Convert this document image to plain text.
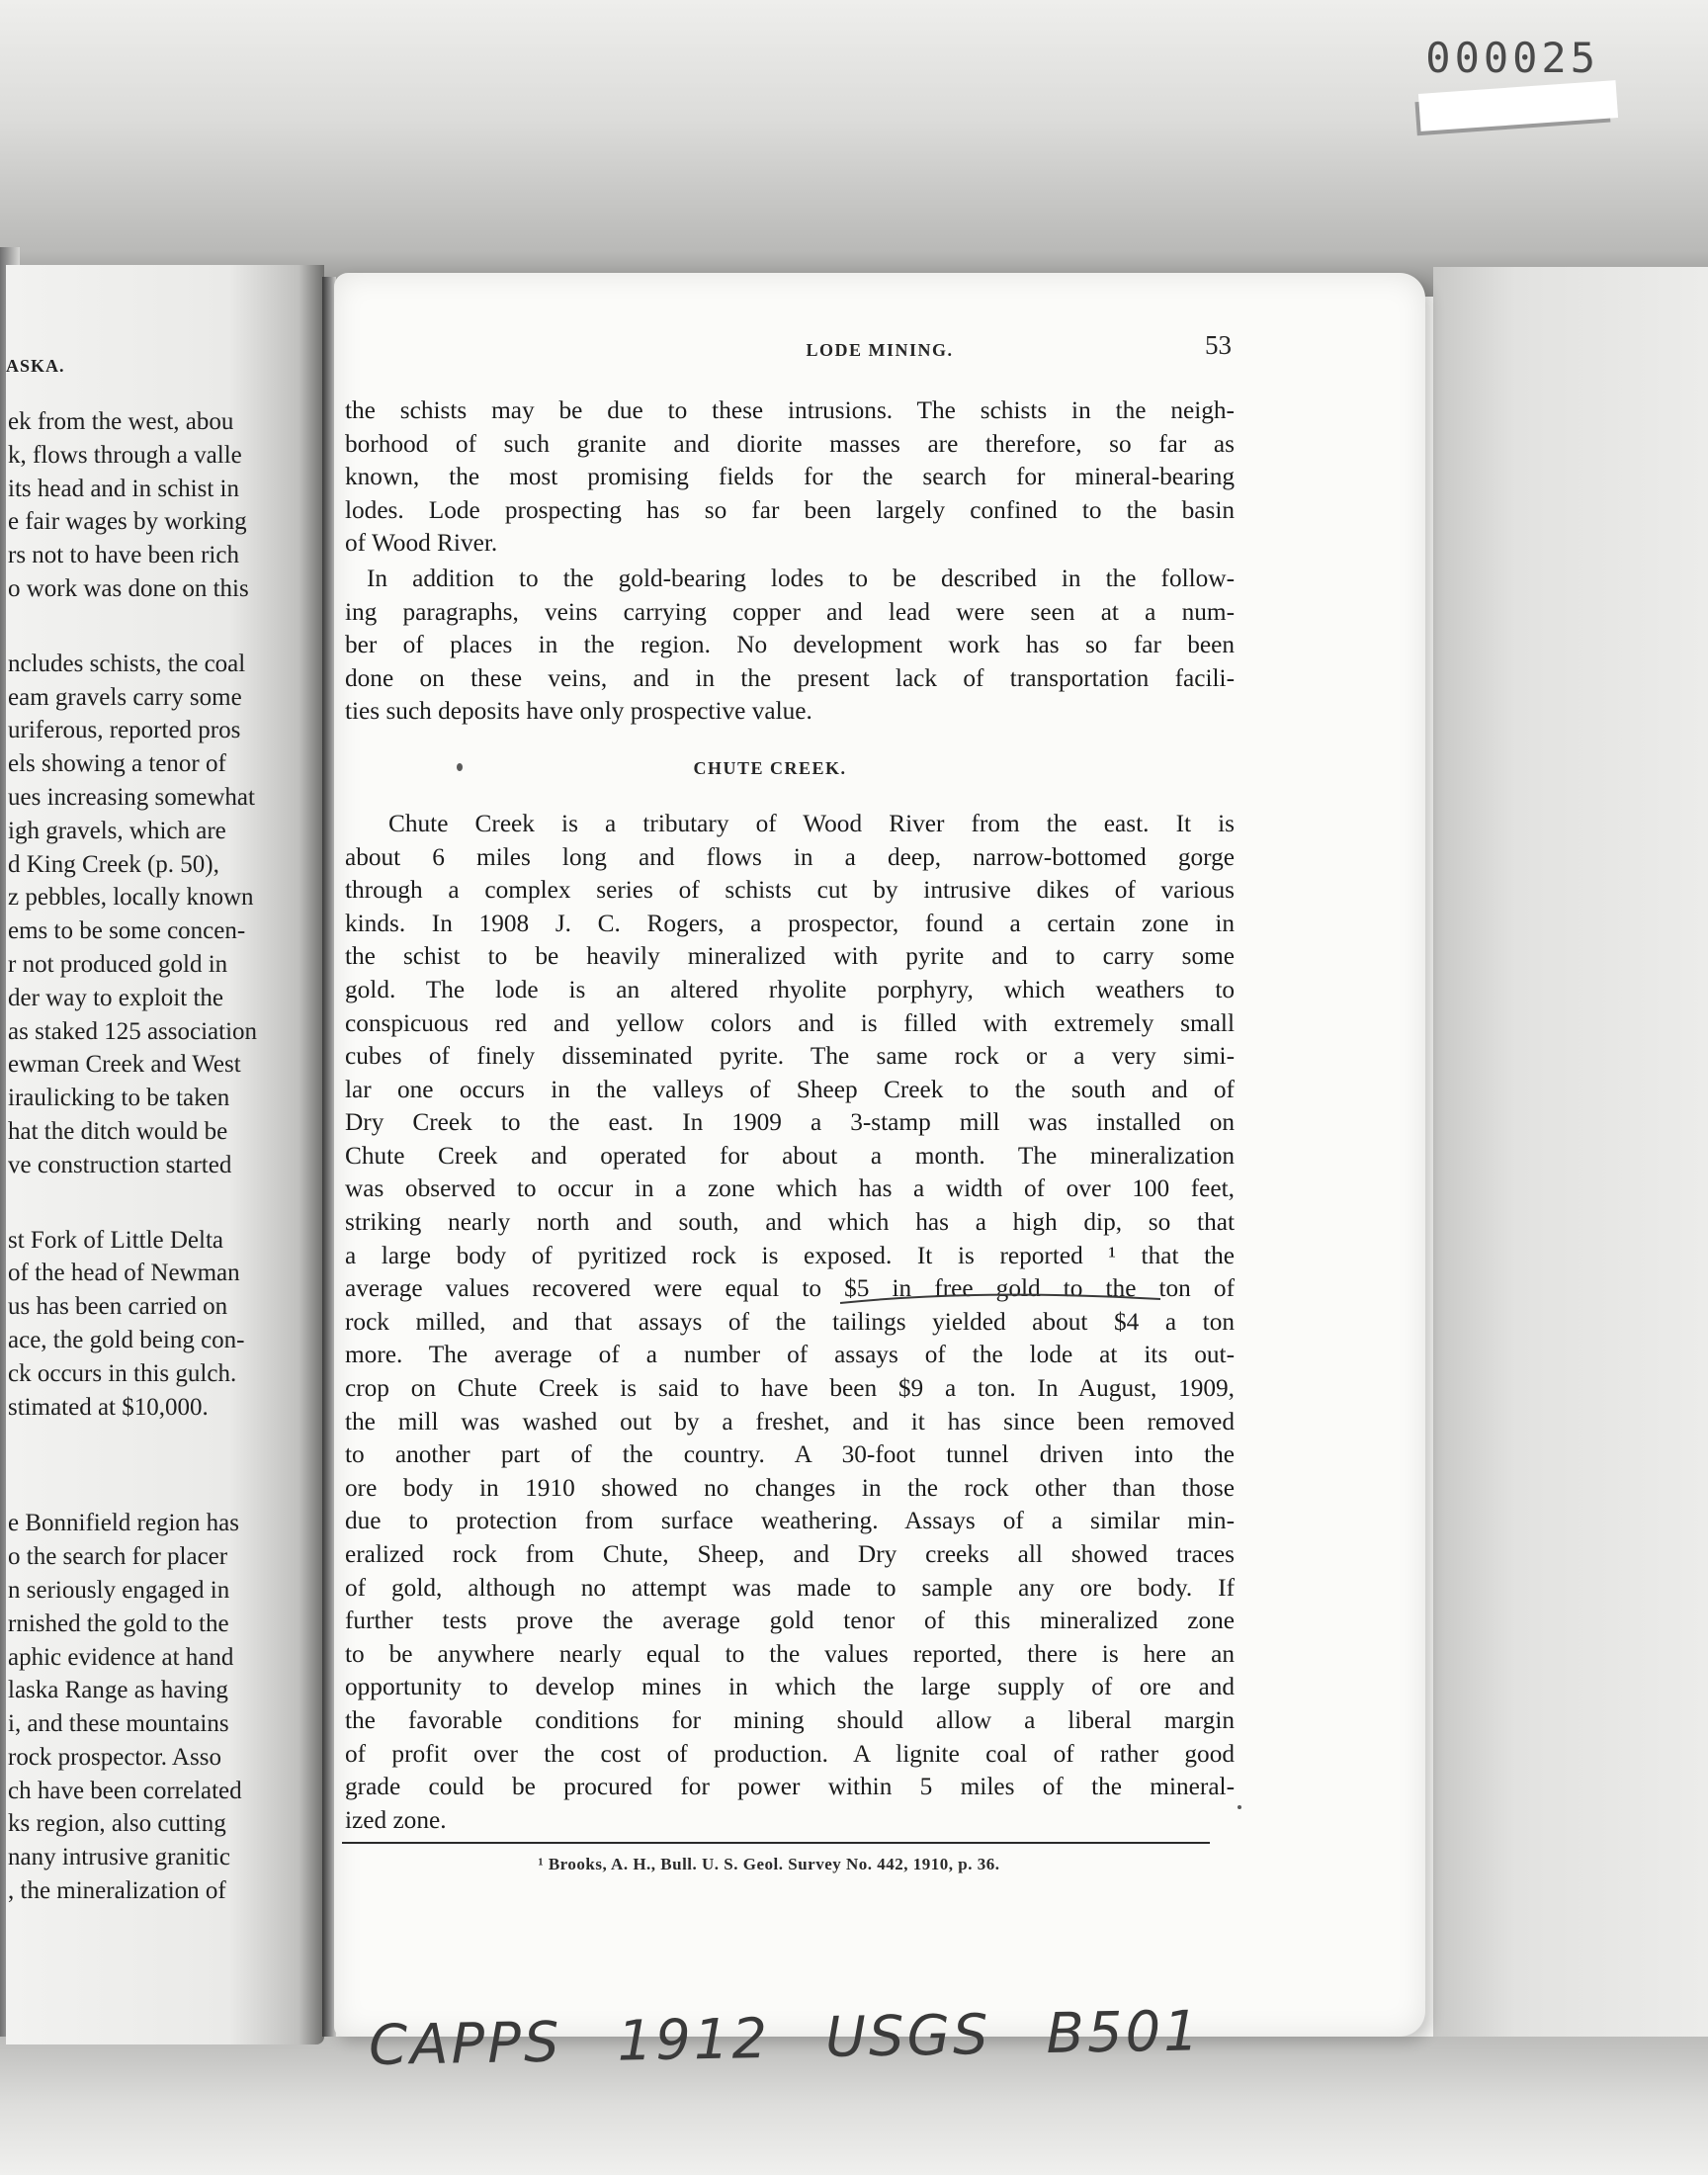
000025
ASKA.
ek from the west, abou
k, flows through a valle
its head and in schist in
e fair wages by working
rs not to have been rich
o work was done on this
ncludes schists, the coal
eam gravels carry some
uriferous, reported pros
els showing a tenor of
ues increasing somewhat
igh gravels, which are
d King Creek (p. 50),
z pebbles, locally known
ems to be some concen-
r not produced gold in
der way to exploit the
as staked 125 association
ewman Creek and West
iraulicking to be taken
hat the ditch would be
ve construction started
st Fork of Little Delta
of the head of Newman
us has been carried on
ace, the gold being con-
ck occurs in this gulch.
stimated at $10,000.
e Bonnifield region has
o the search for placer
n seriously engaged in
rnished the gold to the
aphic evidence at hand
laska Range as having
i, and these mountains
rock prospector. Asso
ch have been correlated
ks region, also cutting
nany intrusive granitic
, the mineralization of
LODE MINING.	53
the schists may be due to these intrusions. The schists in the neigh-
borhood of such granite and diorite masses are therefore, so far as
known, the most promising fields for the search for mineral-bearing
lodes. Lode prospecting has so far been largely confined to the basin
of Wood River.
In addition to the gold-bearing lodes to be described in the follow-
ing paragraphs, veins carrying copper and lead were seen at a num-
ber of places in the region. No development work has so far been
done on these veins, and in the present lack of transportation facili-
ties such deposits have only prospective value.
CHUTE CREEK.
Chute Creek is a tributary of Wood River from the east. It is
about 6 miles long and flows in a deep, narrow-bottomed gorge
through a complex series of schists cut by intrusive dikes of various
kinds. In 1908 J. C. Rogers, a prospector, found a certain zone in
the schist to be heavily mineralized with pyrite and to carry some
gold. The lode is an altered rhyolite porphyry, which weathers to
conspicuous red and yellow colors and is filled with extremely small
cubes of finely disseminated pyrite. The same rock or a very simi-
lar one occurs in the valleys of Sheep Creek to the south and of
Dry Creek to the east. In 1909 a 3-stamp mill was installed on
Chute Creek and operated for about a month. The mineralization
was observed to occur in a zone which has a width of over 100 feet,
striking nearly north and south, and which has a high dip, so that
a large body of pyritized rock is exposed. It is reported ¹ that the
average values recovered were equal to $5 in free gold to the ton of
rock milled, and that assays of the tailings yielded about $4 a ton
more. The average of a number of assays of the lode at its out-
crop on Chute Creek is said to have been $9 a ton. In August, 1909,
the mill was washed out by a freshet, and it has since been removed
to another part of the country. A 30-foot tunnel driven into the
ore body in 1910 showed no changes in the rock other than those
due to protection from surface weathering. Assays of a similar min-
eralized rock from Chute, Sheep, and Dry creeks all showed traces
of gold, although no attempt was made to sample any ore body. If
further tests prove the average gold tenor of this mineralized zone
to be anywhere nearly equal to the values reported, there is here an
opportunity to develop mines in which the large supply of ore and
the favorable conditions for mining should allow a liberal margin
of profit over the cost of production. A lignite coal of rather good
grade could be procured for power within 5 miles of the mineral-
ized zone.
¹ Brooks, A. H., Bull. U. S. Geol. Survey No. 442, 1910, p. 36.
CAPPS 1912 USGS B501
